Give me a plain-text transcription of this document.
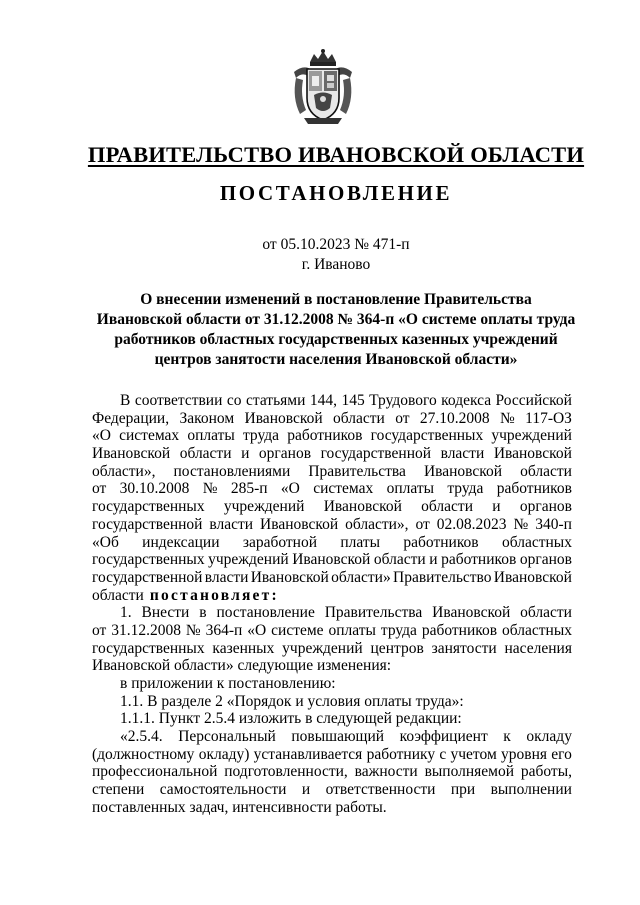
ПРАВИТЕЛЬСТВО ИВАНОВСКОЙ ОБЛАСТИ
ПОСТАНОВЛЕНИЕ
от 05.10.2023 № 471-п
г. Иваново
О внесении изменений в постановление Правительства
Ивановской области от 31.12.2008 № 364-п «О системе оплаты труда
работников областных государственных казенных учреждений
центров занятости населения Ивановской области»
В соответствии со статьями 144, 145 Трудового кодекса Российской
Федерации, Законом Ивановской области от 27.10.2008 № 117-ОЗ
«О системах оплаты труда работников государственных учреждений
Ивановской области и органов государственной власти Ивановской
области», постановлениями Правительства Ивановской области
от 30.10.2008 № 285-п «О системах оплаты труда работников
государственных учреждений Ивановской области и органов
государственной власти Ивановской области», от 02.08.2023 № 340-п
«Об индексации заработной платы работников областных
государственных учреждений Ивановской области и работников органов
государственной власти Ивановской области» Правительство Ивановской
области постановляет:
1. Внести в постановление Правительства Ивановской области
от 31.12.2008 № 364-п «О системе оплаты труда работников областных
государственных казенных учреждений центров занятости населения
Ивановской области» следующие изменения:
в приложении к постановлению:
1.1. В разделе 2 «Порядок и условия оплаты труда»:
1.1.1. Пункт 2.5.4 изложить в следующей редакции:
«2.5.4. Персональный повышающий коэффициент к окладу
(должностному окладу) устанавливается работнику с учетом уровня его
профессиональной подготовленности, важности выполняемой работы,
степени самостоятельности и ответственности при выполнении
поставленных задач, интенсивности работы.
